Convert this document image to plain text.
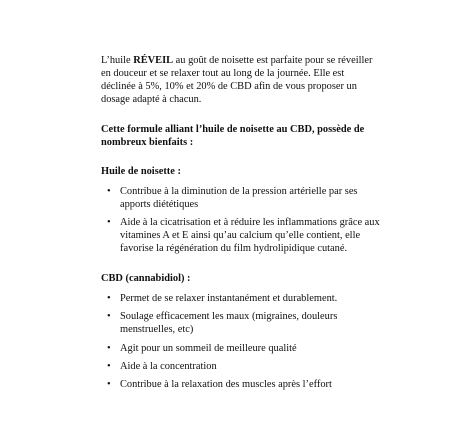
L’huile RÉVEIL au goût de noisette est parfaite pour se réveiller en douceur et se relaxer tout au long de la journée. Elle est déclinée à 5%, 10% et 20% de CBD afin de vous proposer un dosage adapté à chacun.

Cette formule alliant l’huile de noisette au CBD, possède de nombreux bienfaits :

Huile de noisette :

• Contribue à la diminution de la pression artérielle par ses apports diététiques
• Aide à la cicatrisation et à réduire les inflammations grâce aux vitamines A et E ainsi qu’au calcium qu’elle contient, elle favorise la régénération du film hydrolipidique cutané.

CBD (cannabidiol) :

• Permet de se relaxer instantanément et durablement.
• Soulage efficacement les maux (migraines, douleurs menstruelles, etc)
• Agit pour un sommeil de meilleure qualité
• Aide à la concentration
• Contribue à la relaxation des muscles après l’effort
